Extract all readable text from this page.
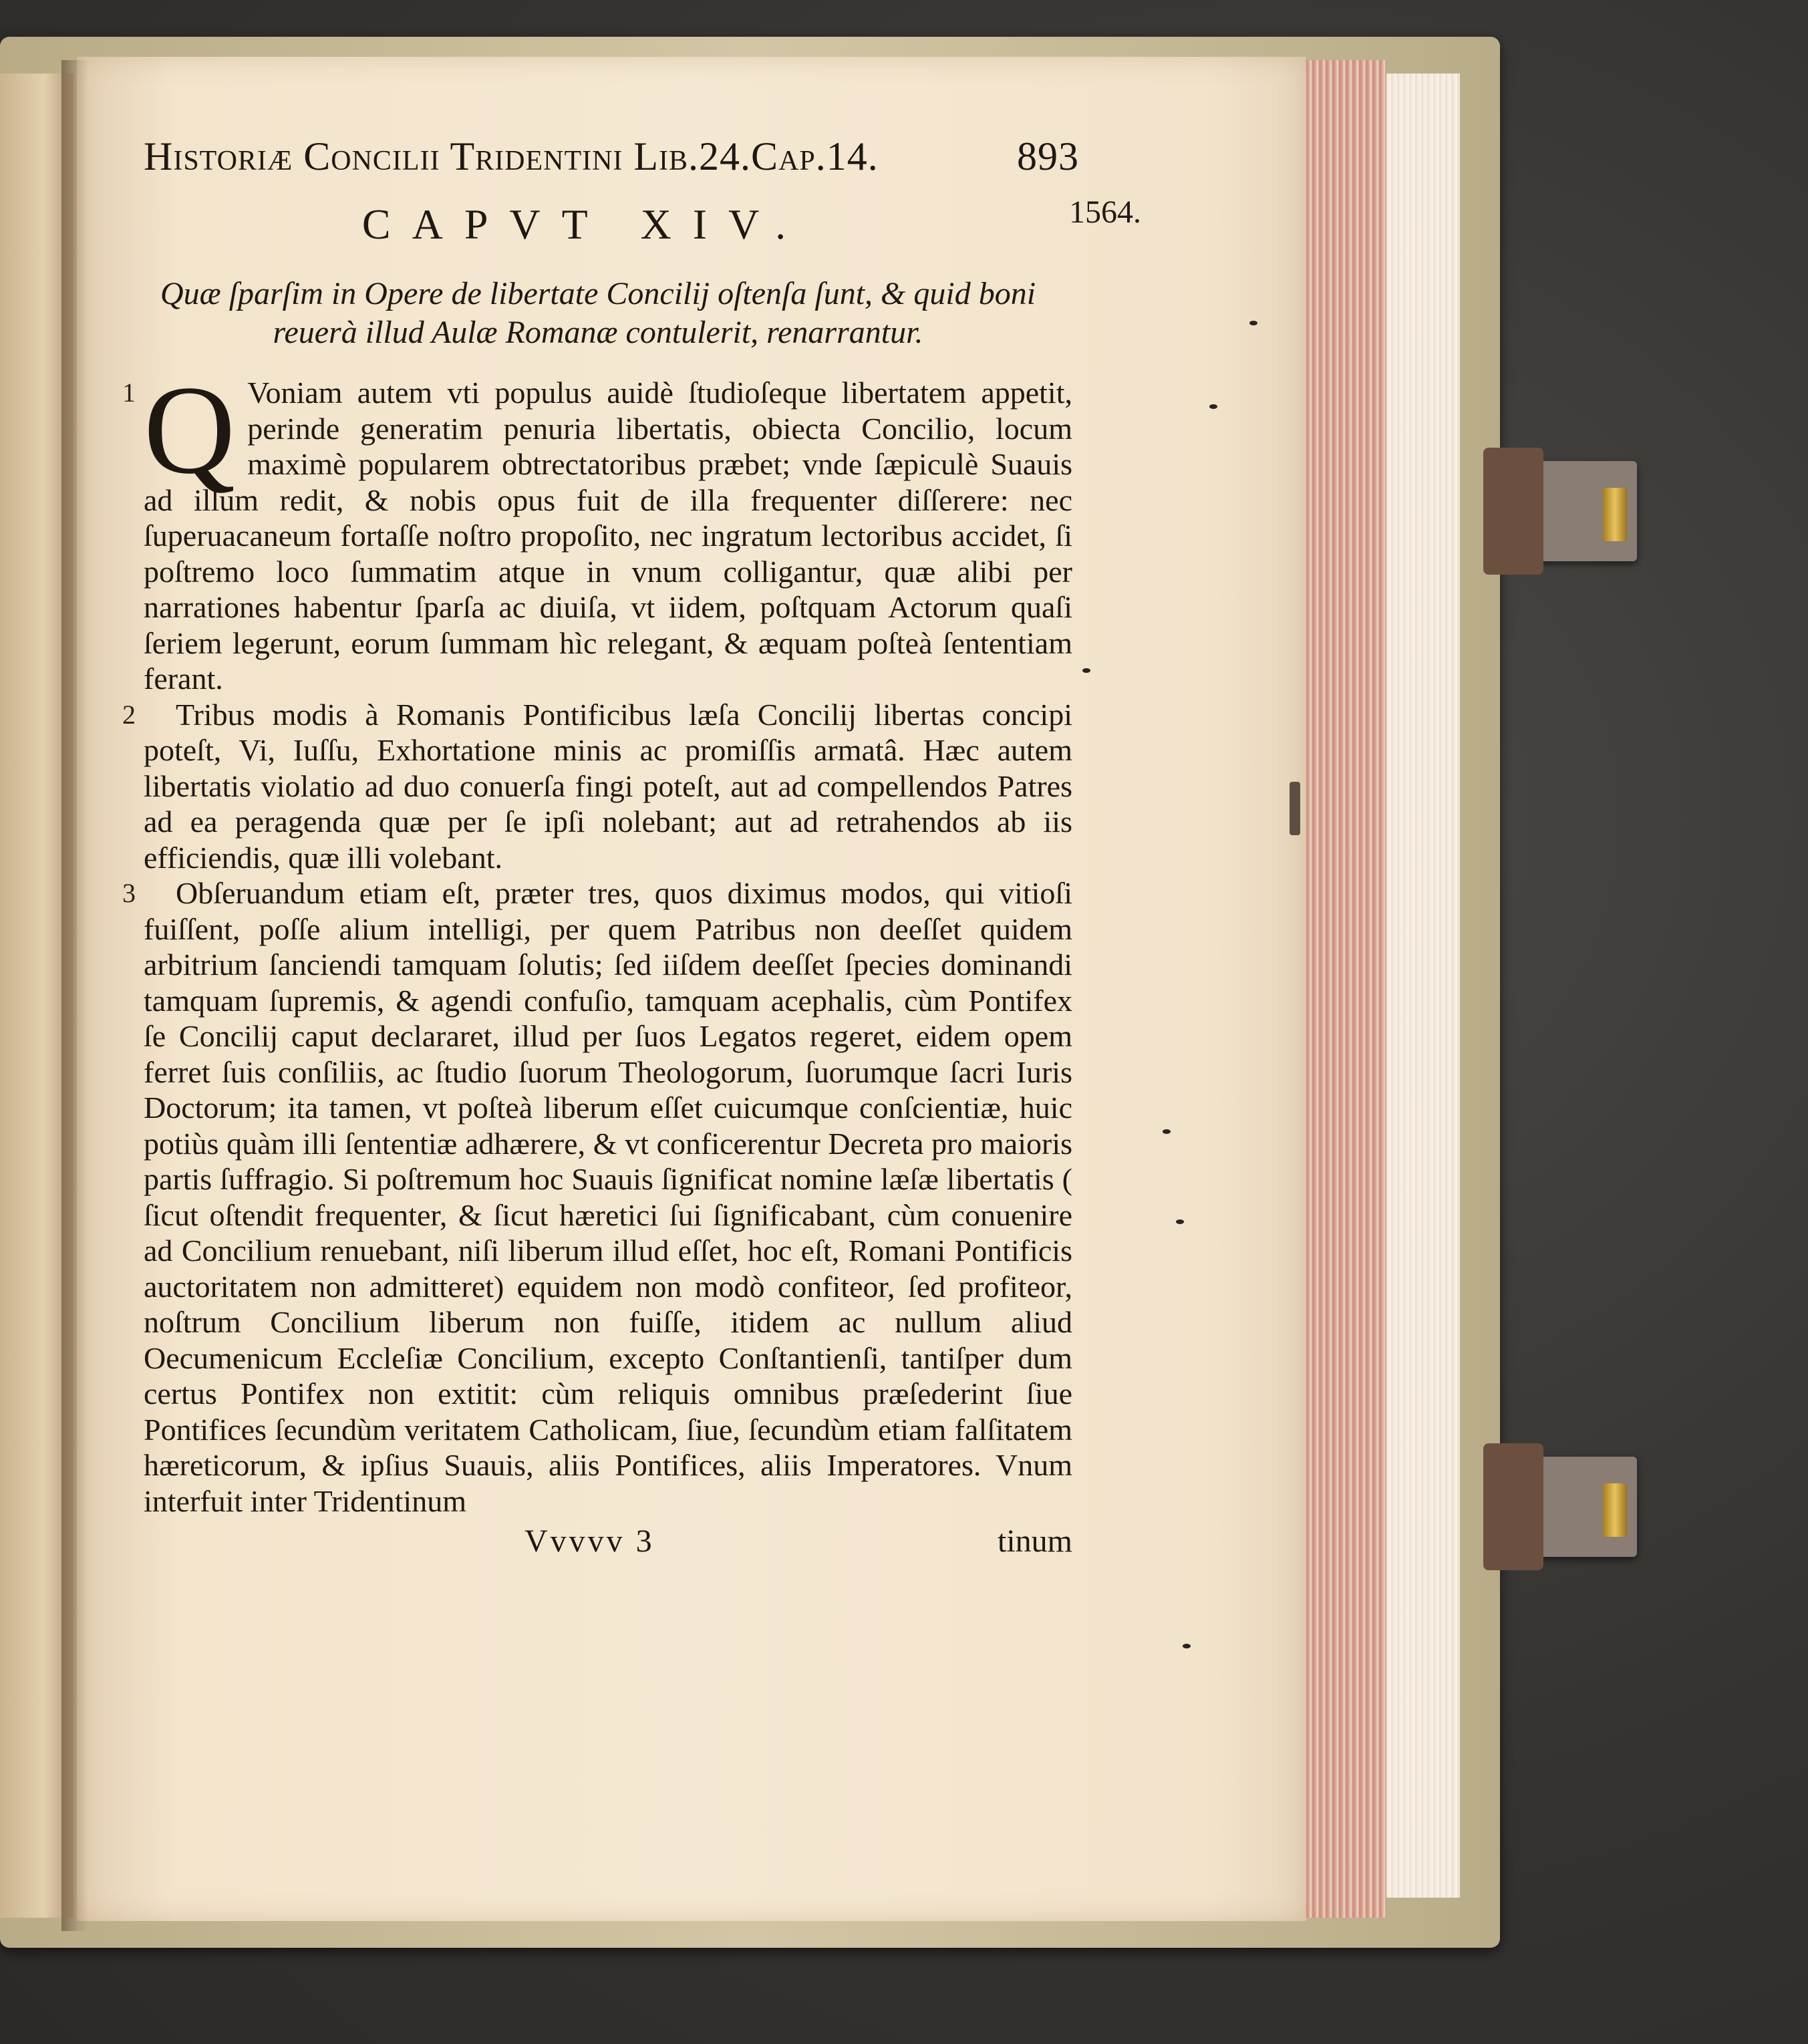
1564.
Historiæ Concilii Tridentini Lib.24.Cap.14.	893
CAPVT XIV.
Quæ ſparſim in Opere de libertate Concilij oſtenſa ſunt, & quid boni reuerà illud Aulæ Romanæ contulerit, renarrantur.

1 Q Voniam autem vti populus auidè ſtudioſeque libertatem appetit, perinde generatim penuria libertatis, obiecta Concilio, locum maximè popularem obtrectatoribus præbet; vnde ſæpiculè Suauis ad illum redit, & nobis opus fuit de illa frequenter diſſerere: nec ſuperuacaneum fortaſſe noſtro propoſito, nec ingratum lectoribus accidet, ſi poſtremo loco ſummatim atque in vnum colligantur, quæ alibi per narrationes habentur ſparſa ac diuiſa, vt iidem, poſtquam Actorum quaſi ſeriem legerunt, eorum ſummam hìc relegant, & æquam poſteà ſententiam ferant.

2 Tribus modis à Romanis Pontificibus læſa Concilij libertas concipi poteſt, Vi, Iuſſu, Exhortatione minis ac promiſſis armatâ. Hæc autem libertatis violatio ad duo conuerſa fingi poteſt, aut ad compellendos Patres ad ea peragenda quæ per ſe ipſi nolebant; aut ad retrahendos ab iis efficiendis, quæ illi volebant.

3 Obſeruandum etiam eſt, præter tres, quos diximus modos, qui vitioſi fuiſſent, poſſe alium intelligi, per quem Patribus non deeſſet quidem arbitrium ſanciendi tamquam ſolutis; ſed iiſdem deeſſet ſpecies dominandi tamquam ſupremis, & agendi confuſio, tamquam acephalis, cùm Pontifex ſe Concilij caput declararet, illud per ſuos Legatos regeret, eidem opem ferret ſuis conſiliis, ac ſtudio ſuorum Theologorum, ſuorumque ſacri Iuris Doctorum; ita tamen, vt poſteà liberum eſſet cuicumque conſcientiæ, huic potiùs quàm illi ſententiæ adhærere, & vt conficerentur Decreta pro maioris partis ſuffragio. Si poſtremum hoc Suauis ſignificat nomine læſæ libertatis ( ſicut oſtendit frequenter, & ſicut hæretici ſui ſignificabant, cùm conuenire ad Concilium renuebant, niſi liberum illud eſſet, hoc eſt, Romani Pontificis auctoritatem non admitteret) equidem non modò confiteor, ſed profiteor, noſtrum Concilium liberum non fuiſſe, itidem ac nullum aliud Oecumenicum Eccleſiæ Concilium, excepto Conſtantienſi, tantiſper dum certus Pontifex non extitit: cùm reliquis omnibus præſederint ſiue Pontifices ſecundùm veritatem Catholicam, ſiue, ſecundùm etiam falſitatem hæreticorum, & ipſius Suauis, aliis Pontifices, aliis Imperatores. Vnum interfuit inter Tridentinum

Vvvvv 3	tinum
